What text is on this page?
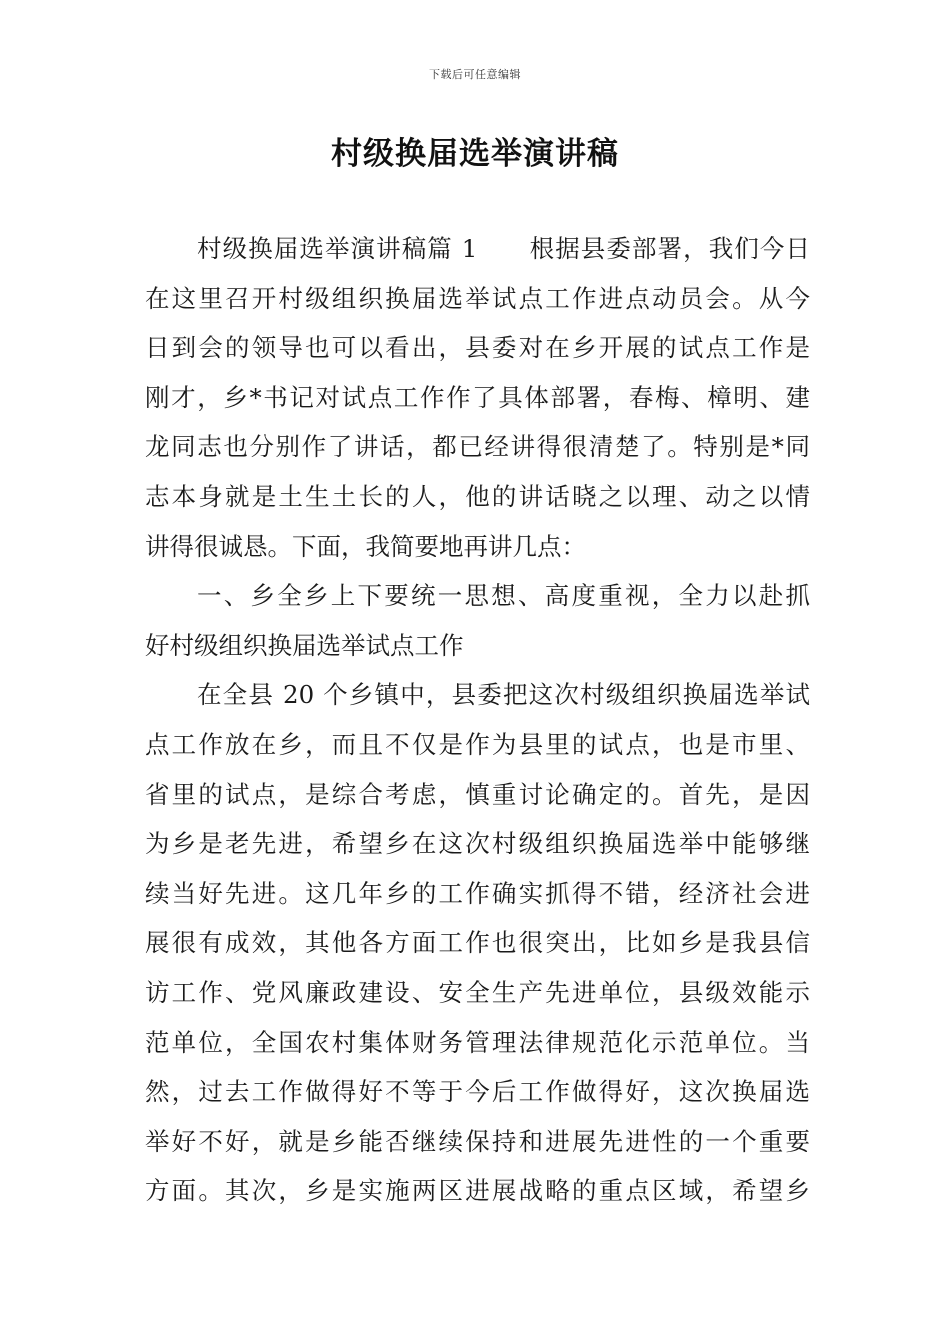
下载后可任意编辑
村级换届选举演讲稿
村级换届选举演讲稿篇 1　　根据县委部署，我们今日
在这里召开村级组织换届选举试点工作进点动员会。从今
日到会的领导也可以看出，县委对在乡开展的试点工作是
刚才，乡*书记对试点工作作了具体部署，春梅、樟明、建
龙同志也分别作了讲话，都已经讲得很清楚了。特别是*同
志本身就是土生土长的人，他的讲话晓之以理、动之以情
讲得很诚恳。下面，我简要地再讲几点：
一、乡全乡上下要统一思想、高度重视，全力以赴抓
好村级组织换届选举试点工作
在全县 20 个乡镇中，县委把这次村级组织换届选举试
点工作放在乡，而且不仅是作为县里的试点，也是市里、
省里的试点，是综合考虑，慎重讨论确定的。首先，是因
为乡是老先进，希望乡在这次村级组织换届选举中能够继
续当好先进。这几年乡的工作确实抓得不错，经济社会进
展很有成效，其他各方面工作也很突出，比如乡是我县信
访工作、党风廉政建设、安全生产先进单位，县级效能示
范单位，全国农村集体财务管理法律规范化示范单位。当
然，过去工作做得好不等于今后工作做得好，这次换届选
举好不好，就是乡能否继续保持和进展先进性的一个重要
方面。其次，乡是实施两区进展战略的重点区域，希望乡
